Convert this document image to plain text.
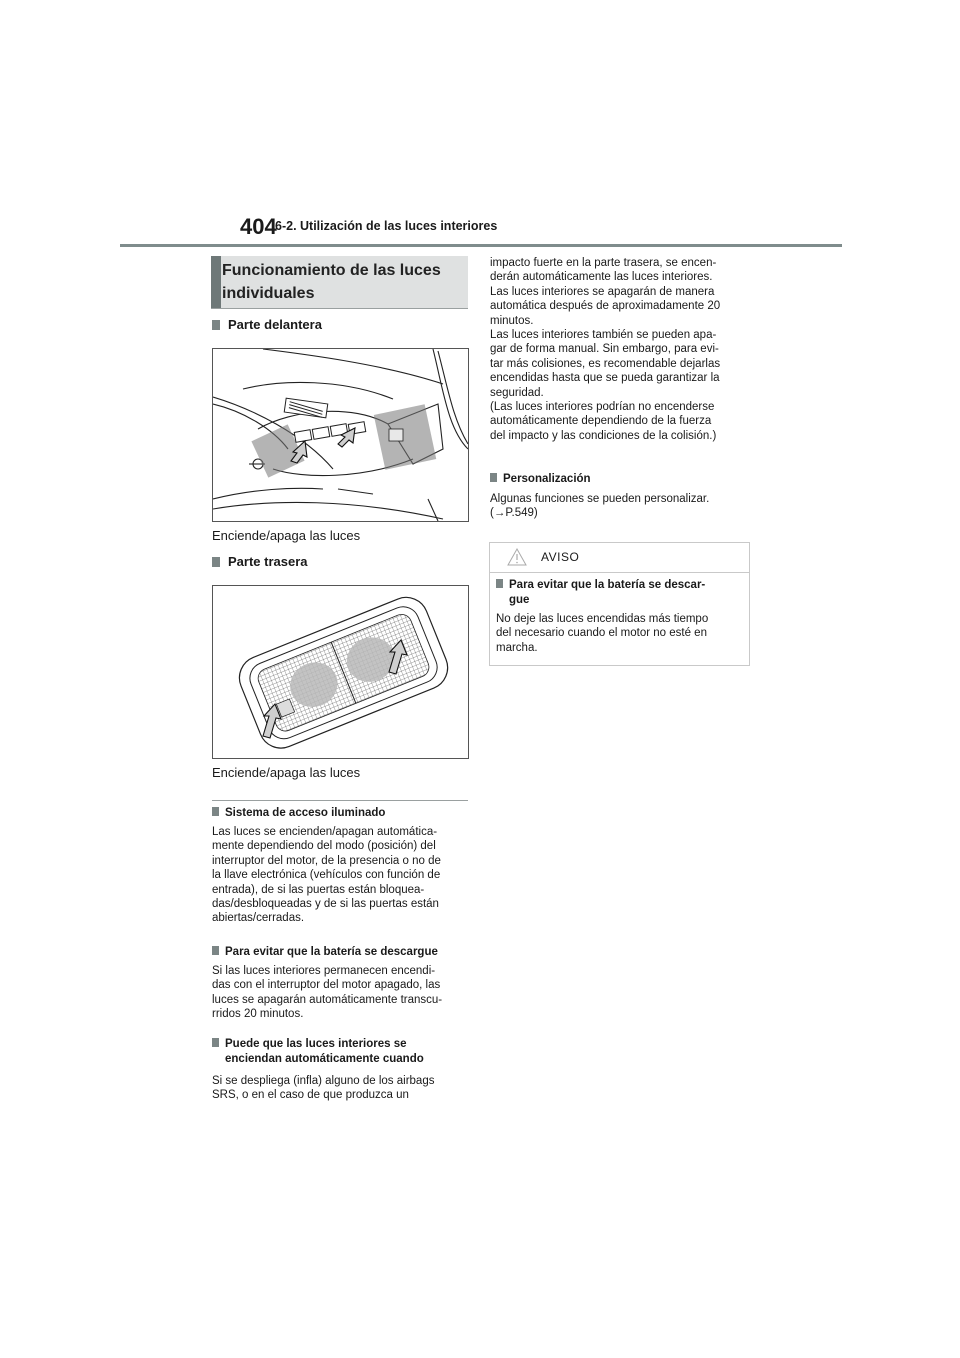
404
6-2. Utilización de las luces interiores
Funcionamiento de las luces
individuales
Parte delantera
Enciende/apaga las luces
Parte trasera
Enciende/apaga las luces
Sistema de acceso iluminado
Las luces se encienden/apagan automática-
mente dependiendo del modo (posición) del
interruptor del motor, de la presencia o no de
la llave electrónica (vehículos con función de
entrada), de si las puertas están bloquea-
das/desbloqueadas y de si las puertas están
abiertas/cerradas.
Para evitar que la batería se descargue
Si las luces interiores permanecen encendi-
das con el interruptor del motor apagado, las
luces se apagarán automáticamente transcu-
rridos 20 minutos.
Puede que las luces interiores se
enciendan automáticamente cuando
Si se despliega (infla) alguno de los airbags
SRS, o en el caso de que produzca un
impacto fuerte en la parte trasera, se encen-
derán automáticamente las luces interiores.
Las luces interiores se apagarán de manera
automática después de aproximadamente 20
minutos.
Las luces interiores también se pueden apa-
gar de forma manual. Sin embargo, para evi-
tar más colisiones, es recomendable dejarlas
encendidas hasta que se pueda garantizar la
seguridad.
(Las luces interiores podrían no encenderse
automáticamente dependiendo de la fuerza
del impacto y las condiciones de la colisión.)
Personalización
Algunas funciones se pueden personalizar.
(→P.549)
AVISO
Para evitar que la batería se descar-
gue
No deje las luces encendidas más tiempo
del necesario cuando el motor no esté en
marcha.
